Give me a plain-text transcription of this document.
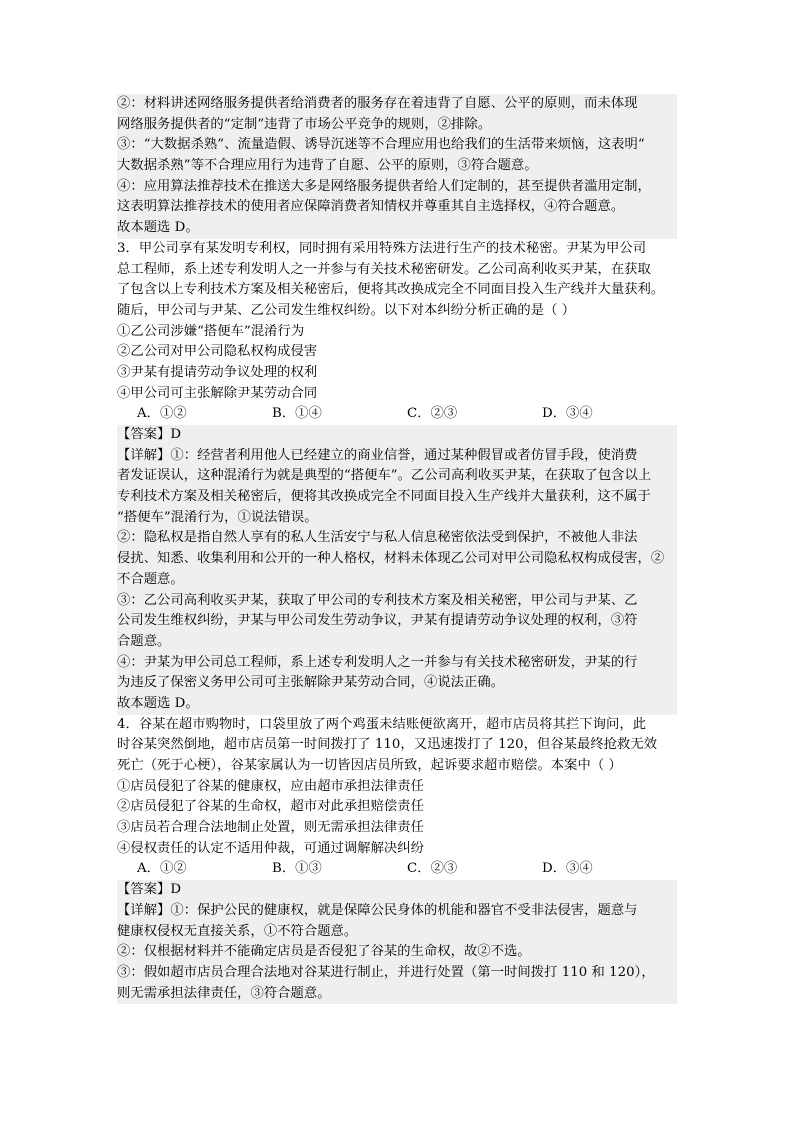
②：材料讲述网络服务提供者给消费者的服务存在着违背了自愿、公平的原则，而未体现
网络服务提供者的“定制”违背了市场公平竞争的规则，②排除。
③：“大数据杀熟”、流量造假、诱导沉迷等不合理应用也给我们的生活带来烦恼，这表明“
大数据杀熟”等不合理应用行为违背了自愿、公平的原则，③符合题意。
④：应用算法推荐技术在推送大多是网络服务提供者给人们定制的，甚至提供者滥用定制，
这表明算法推荐技术的使用者应保障消费者知情权并尊重其自主选择权，④符合题意。
故本题选 D。
3．甲公司享有某发明专利权，同时拥有采用特殊方法进行生产的技术秘密。尹某为甲公司
总工程师，系上述专利发明人之一并参与有关技术秘密研发。乙公司高利收买尹某，在获取
了包含以上专利技术方案及相关秘密后，便将其改换成完全不同面目投入生产线并大量获利。
随后，甲公司与尹某、乙公司发生维权纠纷。以下对本纠纷分析正确的是（ ）
①乙公司涉嫌“搭便车”混淆行为
②乙公司对甲公司隐私权构成侵害
③尹某有提请劳动争议处理的权利
④甲公司可主张解除尹某劳动合同
A．①②	B．①④	C．②③	D．③④
【答案】D
【详解】①：经营者利用他人已经建立的商业信誉，通过某种假冒或者仿冒手段，使消费
者发证误认，这种混淆行为就是典型的“搭便车”。乙公司高利收买尹某，在获取了包含以上
专利技术方案及相关秘密后，便将其改换成完全不同面目投入生产线并大量获利，这不属于
“搭便车”混淆行为，①说法错误。
②：隐私权是指自然人享有的私人生活安宁与私人信息秘密依法受到保护，不被他人非法
侵扰、知悉、收集利用和公开的一种人格权，材料未体现乙公司对甲公司隐私权构成侵害，②
不合题意。
③：乙公司高利收买尹某，获取了甲公司的专利技术方案及相关秘密，甲公司与尹某、乙
公司发生维权纠纷，尹某与甲公司发生劳动争议，尹某有提请劳动争议处理的权利，③符
合题意。
④：尹某为甲公司总工程师，系上述专利发明人之一并参与有关技术秘密研发，尹某的行
为违反了保密义务甲公司可主张解除尹某劳动合同，④说法正确。
故本题选 D。
4．谷某在超市购物时，口袋里放了两个鸡蛋未结账便欲离开，超市店员将其拦下询问，此
时谷某突然倒地，超市店员第一时间拨打了 110，又迅速拨打了 120，但谷某最终抢救无效
死亡（死于心梗），谷某家属认为一切皆因店员所致，起诉要求超市赔偿。本案中（ ）
①店员侵犯了谷某的健康权，应由超市承担法律责任
②店员侵犯了谷某的生命权，超市对此承担赔偿责任
③店员若合理合法地制止处置，则无需承担法律责任
④侵权责任的认定不适用仲裁，可通过调解解决纠纷
A．①②	B．①③	C．②③	D．③④
【答案】D
【详解】①：保护公民的健康权，就是保障公民身体的机能和器官不受非法侵害，题意与
健康权侵权无直接关系，①不符合题意。
②：仅根据材料并不能确定店员是否侵犯了谷某的生命权，故②不选。
③：假如超市店员合理合法地对谷某进行制止，并进行处置（第一时间拨打 110 和 120），
则无需承担法律责任，③符合题意。
